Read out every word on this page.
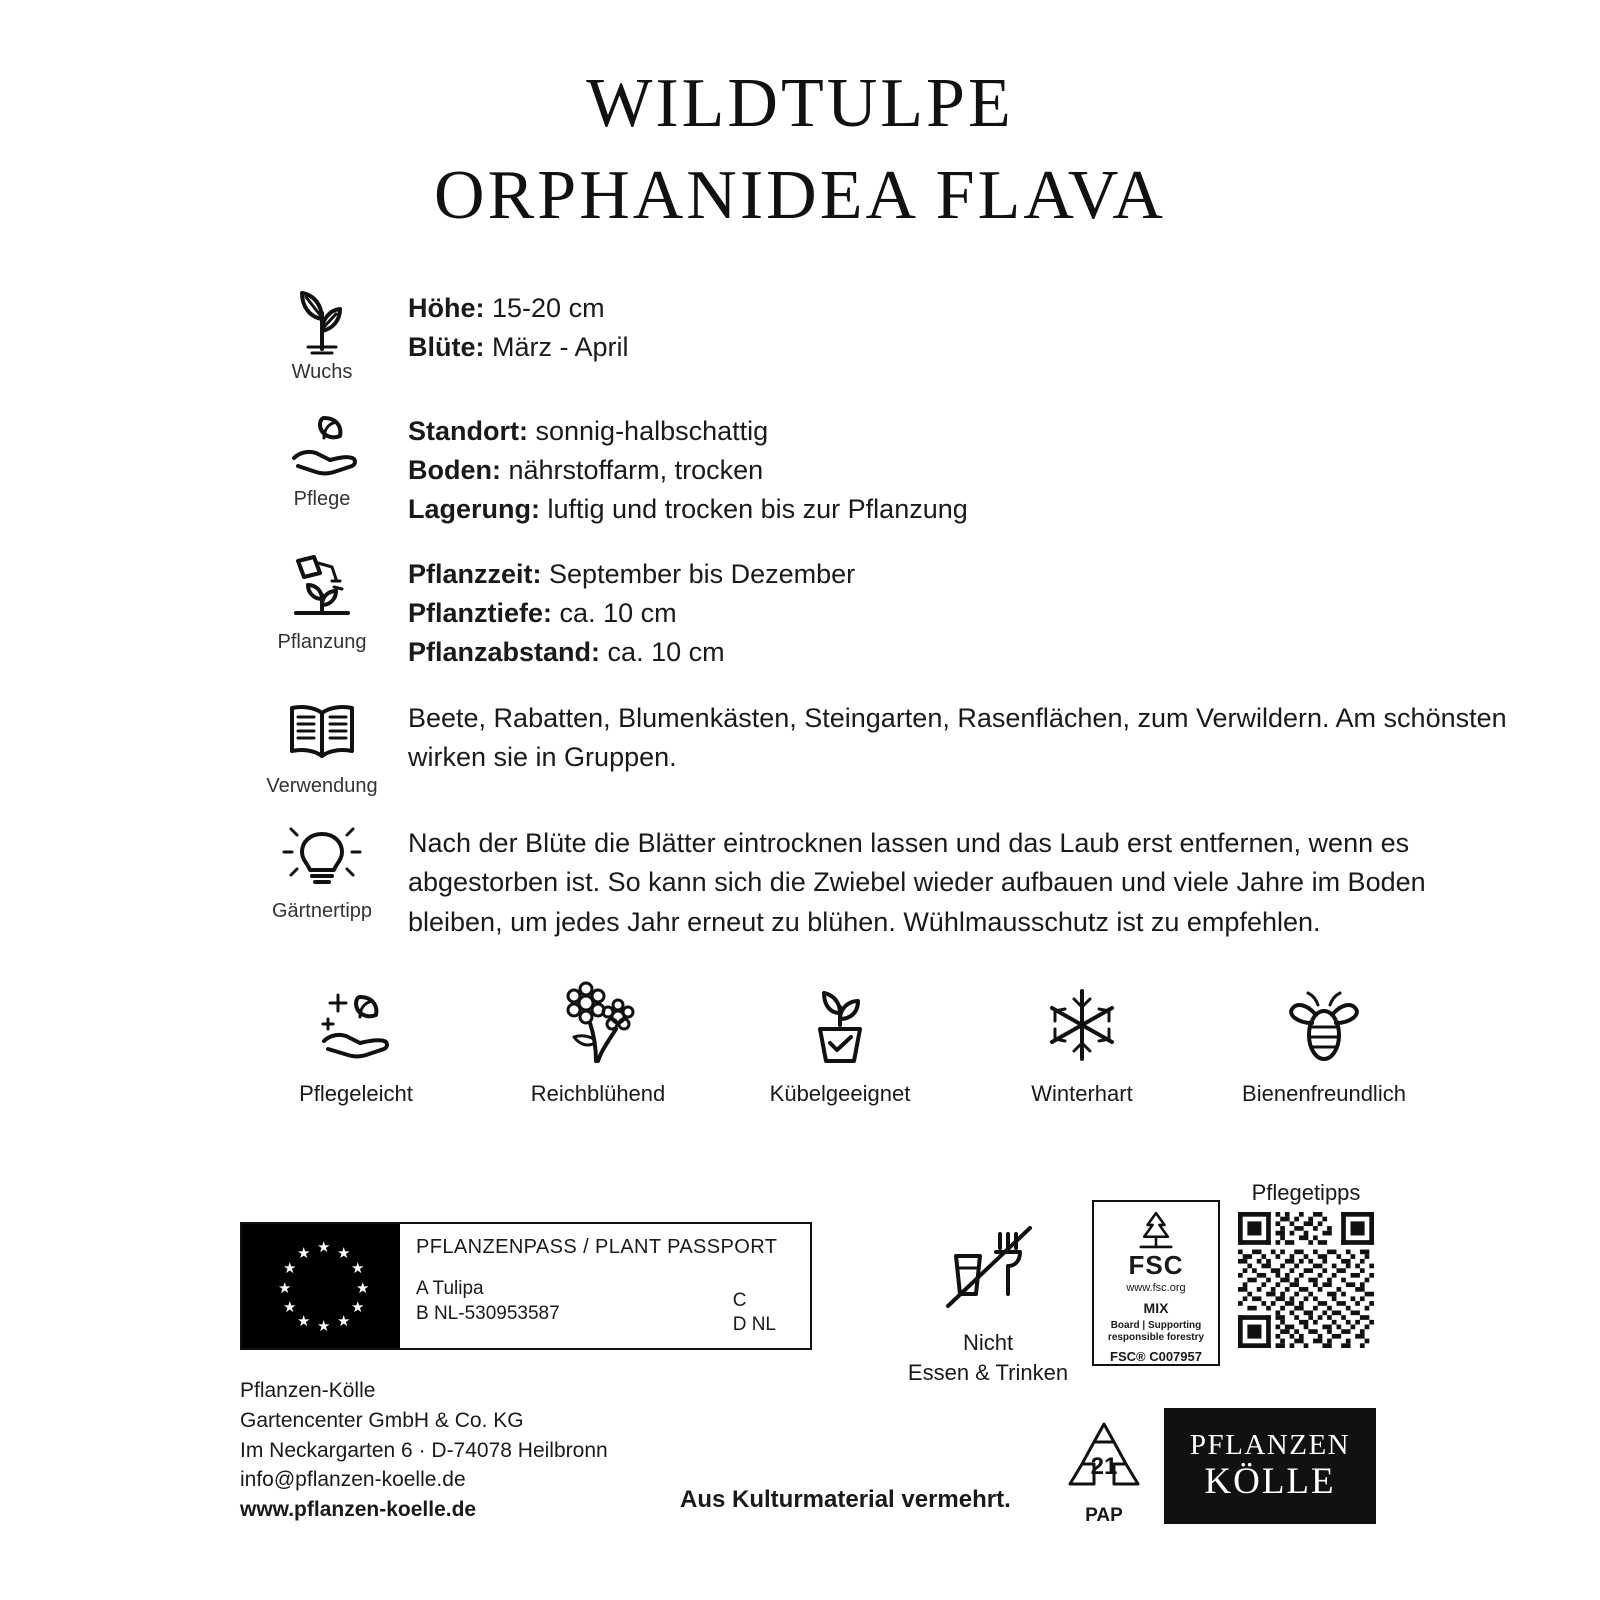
WILDTULPE
ORPHANIDEA FLAVA
Wuchs
Höhe: 15-20 cm
Blüte: März - April
Pflege
Standort: sonnig-halbschattig
Boden: nährstoffarm, trocken
Lagerung: luftig und trocken bis zur Pflanzung
Pflanzung
Pflanzzeit: September bis Dezember
Pflanztiefe: ca. 10 cm
Pflanzabstand: ca. 10 cm
Verwendung
Beete, Rabatten, Blumenkästen, Steingarten, Rasenflächen, zum Verwildern. Am schönsten wirken sie in Gruppen.
Gärtnertipp
Nach der Blüte die Blätter eintrocknen lassen und das Laub erst entfernen, wenn es abgestorben ist. So kann sich die Zwiebel wieder aufbauen und viele Jahre im Boden bleiben, um jedes Jahr erneut zu blühen. Wühlmausschutz ist zu empfehlen.
Pflegeleicht	Reichblühend	Kübelgeeignet	Winterhart	Bienenfreundlich
★ ★
★
★
★
★
★
★
★
★
★
★	PFLANZENPASS / PLANT PASSPORT
A Tulipa
B NL-530953587
C
D NL
Pflanzen-Kölle
Gartencenter GmbH & Co. KG
Im Neckargarten 6 · D-74078 Heilbronn
info@pflanzen-koelle.de
www.pflanzen-koelle.de
Nicht
Essen & Trinken
FSC
www.fsc.org
MIX
Board | Supporting
responsible forestry
FSC® C007957
Pflegetipps
21
PAP
Aus Kulturmaterial vermehrt.
PFLANZEN
KÖLLE
